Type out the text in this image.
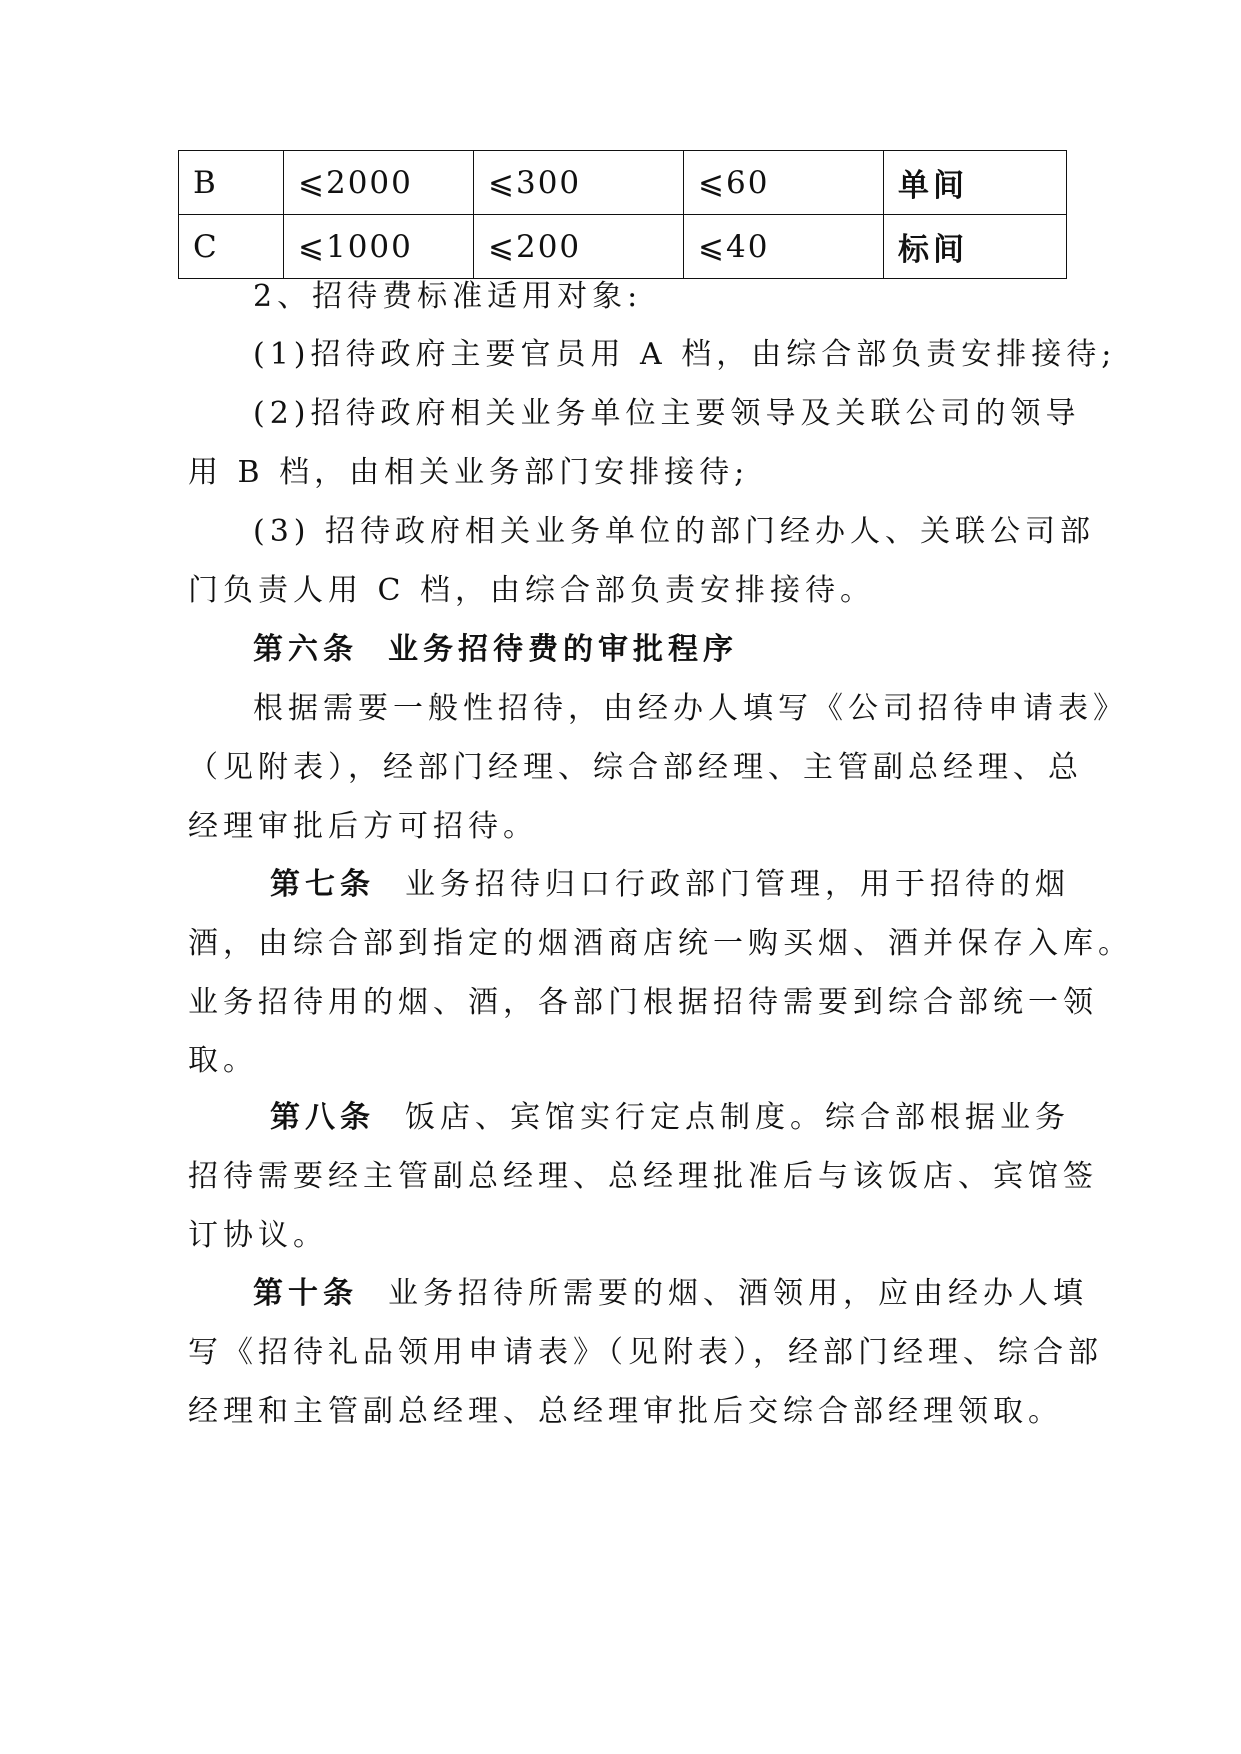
B	⩽2000	⩽300	⩽60	单间
C	⩽1000	⩽200	⩽40	标间
2、招待费标准适用对象:
(1)招待政府主要官员用 A 档，由综合部负责安排接待;
(2)招待政府相关业务单位主要领导及关联公司的领导
用 B 档，由相关业务部门安排接待;
(3) 招待政府相关业务单位的部门经办人、关联公司部
门负责人用 C 档，由综合部负责安排接待。
第六条 业务招待费的审批程序
根据需要一般性招待，由经办人填写《公司招待申请表》
（见附表），经部门经理、综合部经理、主管副总经理、总
经理审批后方可招待。
第七条 业务招待归口行政部门管理，用于招待的烟
酒，由综合部到指定的烟酒商店统一购买烟、酒并保存入库。
业务招待用的烟、酒，各部门根据招待需要到综合部统一领
取。
第八条 饭店、宾馆实行定点制度。综合部根据业务
招待需要经主管副总经理、总经理批准后与该饭店、宾馆签
订协议。
第十条 业务招待所需要的烟、酒领用，应由经办人填
写《招待礼品领用申请表》（见附表），经部门经理、综合部
经理和主管副总经理、总经理审批后交综合部经理领取。
